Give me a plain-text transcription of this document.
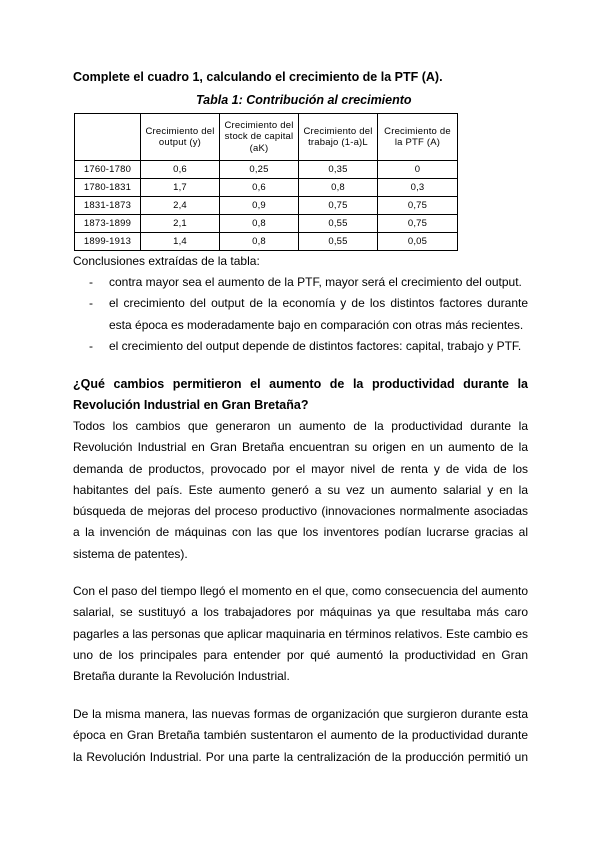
Complete el cuadro 1, calculando el crecimiento de la PTF (A).
Tabla 1: Contribución al crecimiento
	Crecimiento del output (y)	Crecimiento del stock de capital (aK)	Crecimiento del trabajo (1-a)L	Crecimiento de la PTF (A)
1760-1780	0,6	0,25	0,35	0
1780-1831	1,7	0,6	0,8	0,3
1831-1873	2,4	0,9	0,75	0,75
1873-1899	2,1	0,8	0,55	0,75
1899-1913	1,4	0,8	0,55	0,05
Conclusiones extraídas de la tabla:
- contra mayor sea el aumento de la PTF, mayor será el crecimiento del output.
- el crecimiento del output de la economía y de los distintos factores durante esta época es moderadamente bajo en comparación con otras más recientes.
- el crecimiento del output depende de distintos factores: capital, trabajo y PTF.
¿Qué cambios permitieron el aumento de la productividad durante la Revolución Industrial en Gran Bretaña?

Todos los cambios que generaron un aumento de la productividad durante la Revolución Industrial en Gran Bretaña encuentran su origen en un aumento de la demanda de productos, provocado por el mayor nivel de renta y de vida de los habitantes del país. Este aumento generó a su vez un aumento salarial y en la búsqueda de mejoras del proceso productivo (innovaciones normalmente asociadas a la invención de máquinas con las que los inventores podían lucrarse gracias al sistema de patentes).

Con el paso del tiempo llegó el momento en el que, como consecuencia del aumento salarial, se sustituyó a los trabajadores por máquinas ya que resultaba más caro pagarles a las personas que aplicar maquinaria en términos relativos. Este cambio es uno de los principales para entender por qué aumentó la productividad en Gran Bretaña durante la Revolución Industrial.

De la misma manera, las nuevas formas de organización que surgieron durante esta época en Gran Bretaña también sustentaron el aumento de la productividad durante la Revolución Industrial. Por una parte la centralización de la producción permitió un
